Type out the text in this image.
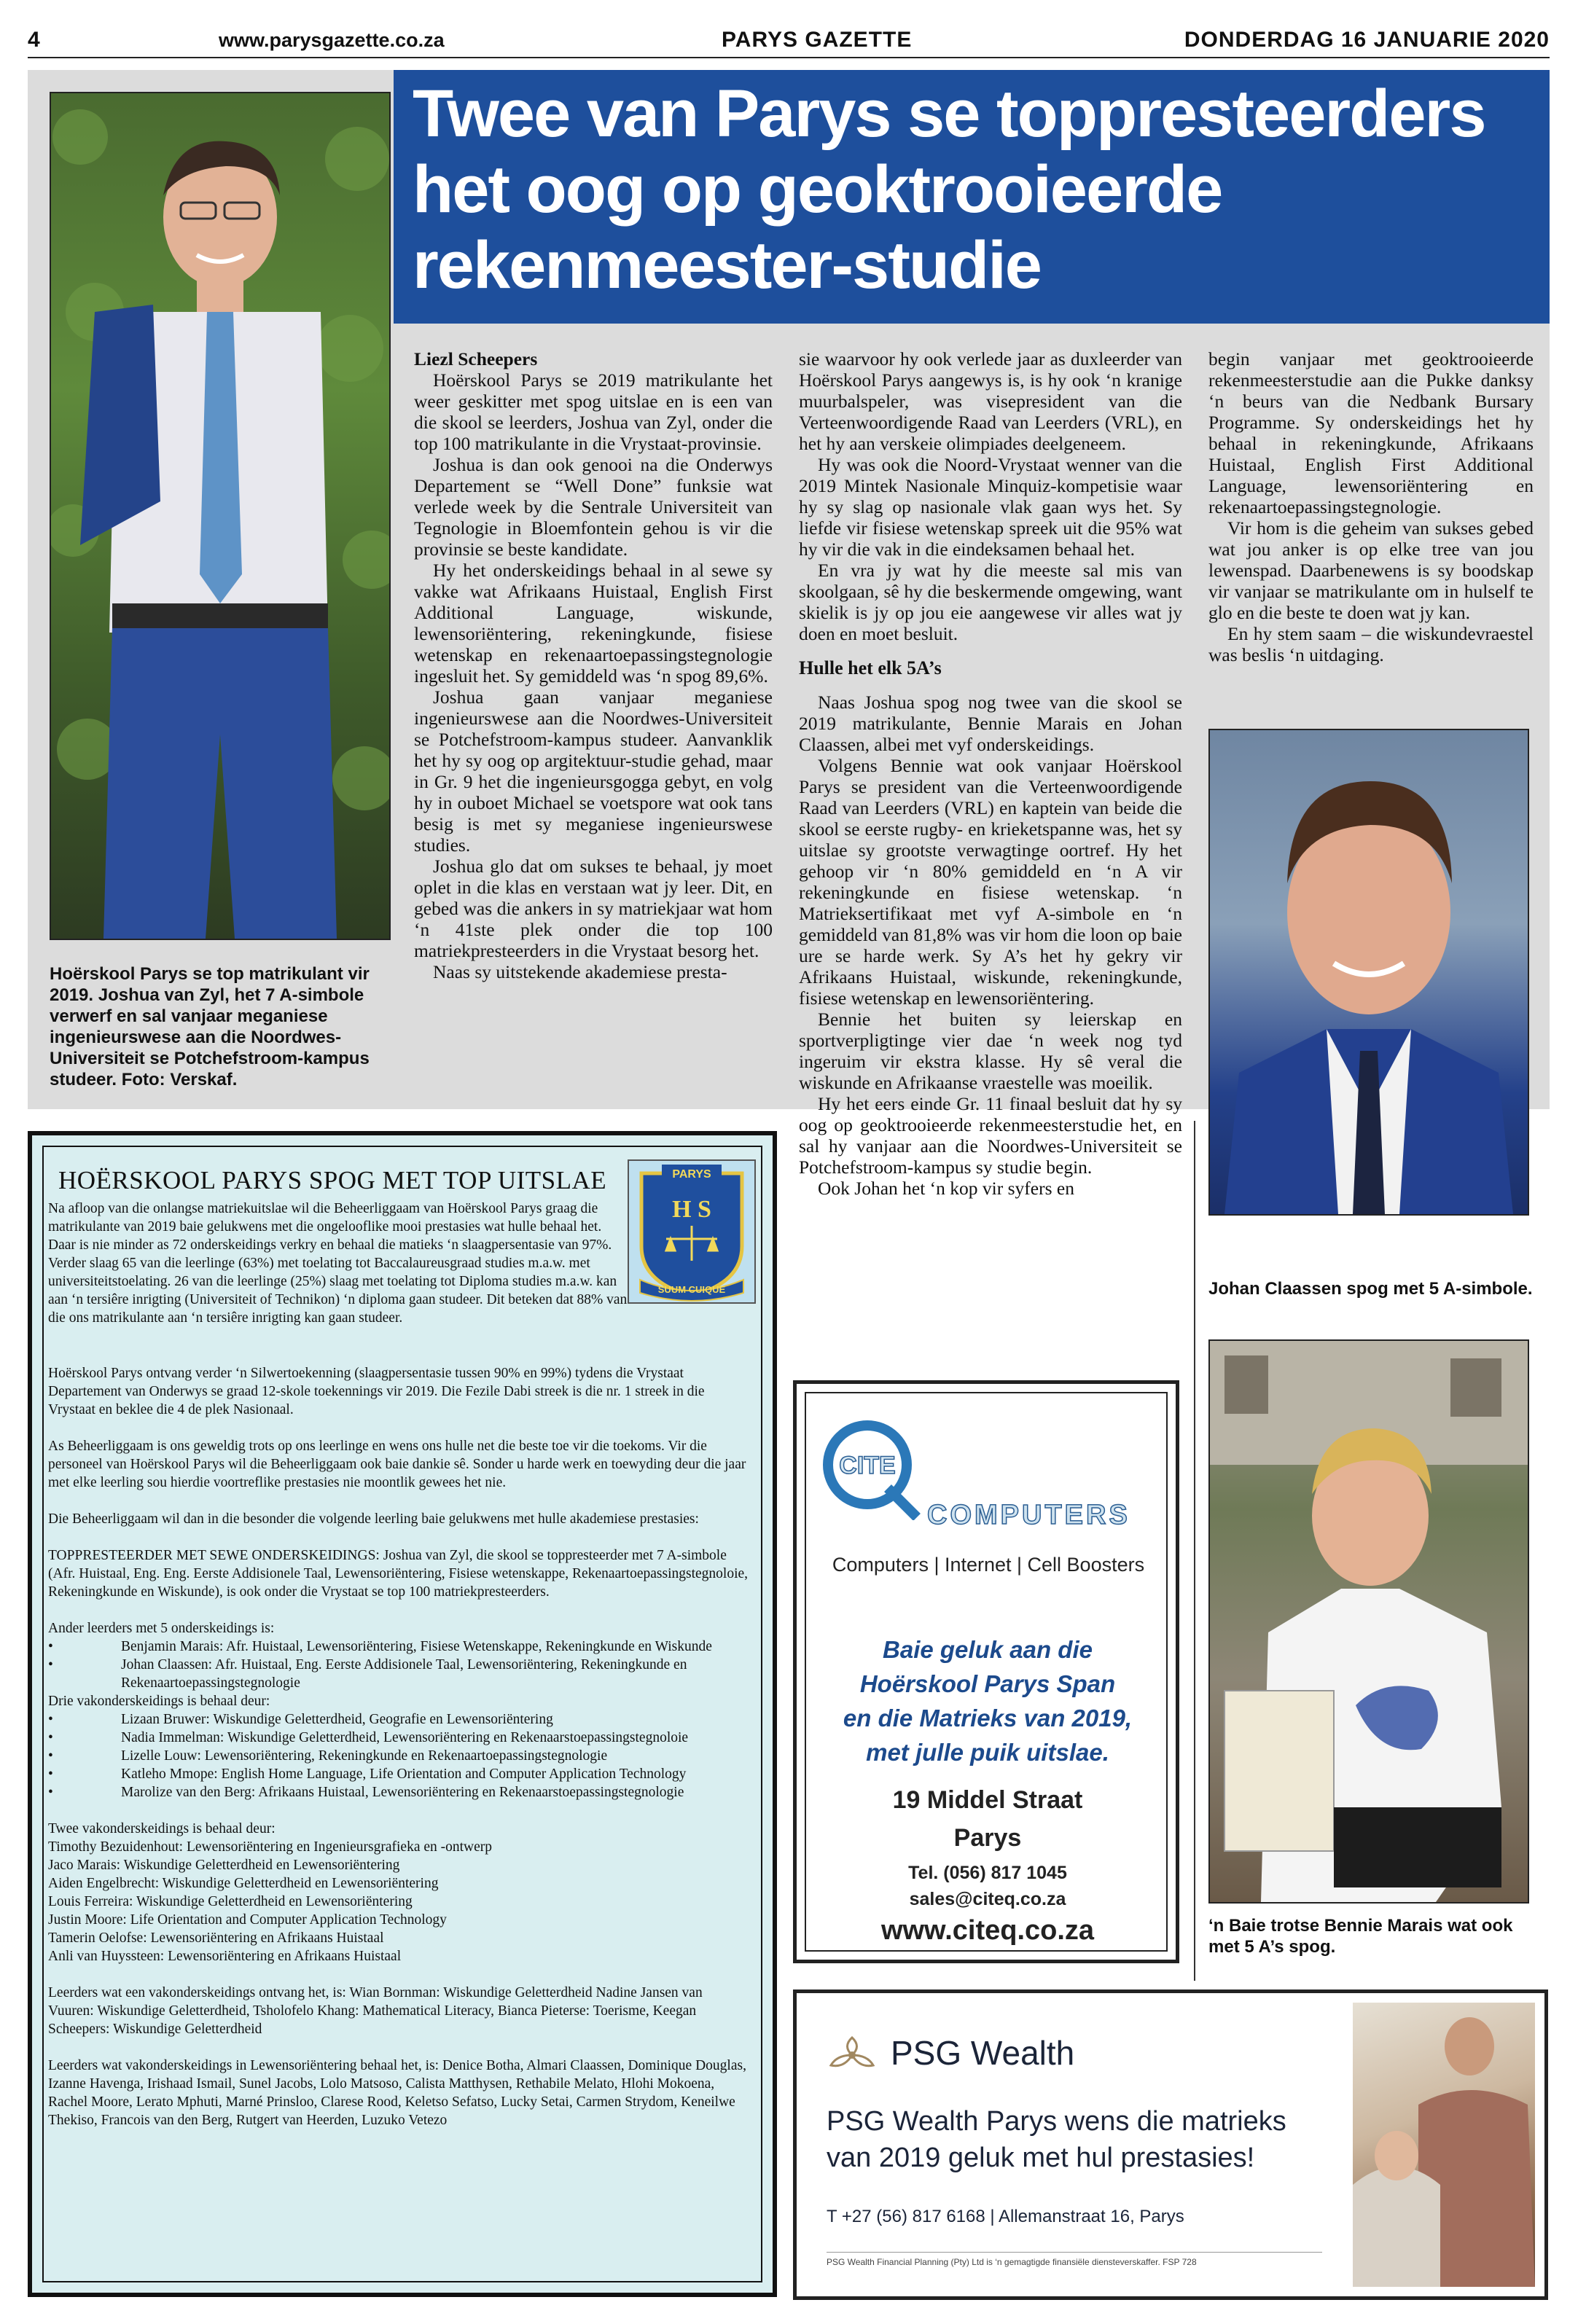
4	www.parysgazette.co.za	PARYS GAZETTE	DONDERDAG 16 JANUARIE 2020
Twee van Parys se toppresteerders
het oog op geoktrooieerde
rekenmeester-studie
Hoërskool Parys se top matrikulant vir 2019. Joshua van Zyl, het 7 A-simbole verwerf en sal vanjaar meganiese ingenieurswese aan die Noordwes-Universiteit se Potchefstroom-kampus studeer. Foto: Verskaf.

Liezl Scheepers

Hoërskool Parys se 2019 matrikulante het weer geskitter met spog uitslae en is een van die skool se leerders, Joshua van Zyl, onder die top 100 matrikulante in die Vrystaat-provinsie.

Joshua is dan ook genooi na die Onderwys Departement se “Well Done” funksie wat verlede week by die Sentrale Universiteit van Tegnologie in Bloemfontein gehou is vir die provinsie se beste kandidate.

Hy het onderskeidings behaal in al sewe sy vakke wat Afrikaans Huistaal, English First Additional Language, wiskunde, lewensoriëntering, rekeningkunde, fisiese wetenskap en rekenaartoepassingstegnologie ingesluit het. Sy gemiddeld was ‘n spog 89,6%.

Joshua gaan vanjaar meganiese ingenieurswese aan die Noordwes-Universiteit se Potchefstroom-kampus studeer. Aanvanklik het hy sy oog op argitektuur-studie gehad, maar in Gr. 9 het die ingenieursgogga gebyt, en volg hy in ouboet Michael se voetspore wat ook tans besig is met sy meganiese ingenieurswese studies.

Joshua glo dat om sukses te behaal, jy moet oplet in die klas en verstaan wat jy leer. Dit, en gebed was die ankers in sy matriekjaar wat hom ‘n 41ste plek onder die top 100 matriekpresteerders in die Vrystaat besorg het.

Naas sy uitstekende akademiese presta-

sie waarvoor hy ook verlede jaar as duxleerder van Hoërskool Parys aangewys is, is hy ook ‘n kranige muurbalspeler, was visepresident van die Verteenwoordigende Raad van Leerders (VRL), en het hy aan verskeie olimpiades deelgeneem.

Hy was ook die Noord-Vrystaat wenner van die 2019 Mintek Nasionale Minquiz-kompetisie waar hy sy slag op nasionale vlak gaan wys het. Sy liefde vir fisiese wetenskap spreek uit die 95% wat hy vir die vak in die eindeksamen behaal het.

En vra jy wat hy die meeste sal mis van skoolgaan, sê hy die beskermende omgewing, want skielik is jy op jou eie aangewese vir alles wat jy doen en moet besluit.

Hulle het elk 5A’s

Naas Joshua spog nog twee van die skool se 2019 matrikulante, Bennie Marais en Johan Claassen, albei met vyf onderskeidings.

Volgens Bennie wat ook vanjaar Hoërskool Parys se president van die Verteenwoordigende Raad van Leerders (VRL) en kaptein van beide die skool se eerste rugby- en krieketspanne was, het sy uitslae sy grootste verwagtinge oortref. Hy het gehoop vir ‘n 80% gemiddeld en ‘n A vir rekeningkunde en fisiese wetenskap. ‘n Matrieksertifikaat met vyf A-simbole en ‘n gemiddeld van 81,8% was vir hom die loon op baie ure se harde werk. Sy A’s het hy gekry vir Afrikaans Huistaal, wiskunde, rekeningkunde, fisiese wetenskap en lewensoriëntering.

Bennie het buiten sy leierskap en sportverpligtinge vier dae ‘n week nog tyd ingeruim vir ekstra klasse. Hy sê veral die wiskunde en Afrikaanse vraestelle was moeilik.

Hy het eers einde Gr. 11 finaal besluit dat hy sy oog op geoktrooieerde rekenmeesterstudie het, en sal hy vanjaar aan die Noordwes-Universiteit se Potchefstroom-kampus sy studie begin.

Ook Johan het ‘n kop vir syfers en

begin vanjaar met geoktrooieerde rekenmeesterstudie aan die Pukke danksy ‘n beurs van die Nedbank Bursary Programme. Sy onderskeidings het hy behaal in rekeningkunde, Afrikaans Huistaal, English First Additional Language, lewensoriëntering en rekenaartoepassingstegnologie.

Vir hom is die geheim van sukses gebed wat jou anker is op elke tree van jou lewenspad. Daarbenewens is sy boodskap vir vanjaar se matrikulante om in hulself te glo en die beste te doen wat jy kan.

En hy stem saam – die wiskundevraestel was beslis ‘n uitdaging.

Johan Claassen spog met 5 A-simbole.
‘n Baie trotse Bennie Marais wat ook met 5 A’s spog.
HOËRSKOOL PARYS SPOG MET TOP UITSLAE	PARYS
H S
SUUM CUIQUE

Na afloop van die onlangse matriekuitslae wil die Beheerliggaam van Hoërskool Parys graag die matrikulante van 2019 baie gelukwens met die ongelooflike mooi prestasies wat hulle behaal het. Daar is nie minder as 72 onderskeidings verkry en behaal die matieks ‘n slaagpersentasie van 97%. Verder slaag 65 van die leerlinge (63%) met toelating tot Baccalaureusgraad studies m.a.w. met universiteitstoelating. 26 van die leerlinge (25%) slaag met toelating tot Diploma studies m.a.w. kan aan ‘n tersiêre inrigting (Universiteit of Technikon) ‘n diploma gaan studeer. Dit beteken dat 88% van die ons matrikulante aan ‘n tersiêre inrigting kan gaan studeer.

Hoërskool Parys ontvang verder ‘n Silwertoekenning (slaagpersentasie tussen 90% en 99%) tydens die Vrystaat Departement van Onderwys se graad 12-skole toekennings vir 2019. Die Fezile Dabi streek is die nr. 1 streek in die Vrystaat en beklee die 4 de plek Nasionaal.

As Beheerliggaam is ons geweldig trots op ons leerlinge en wens ons hulle net die beste toe vir die toekoms. Vir die personeel van Hoërskool Parys wil die Beheerliggaam ook baie dankie sê. Sonder u harde werk en toewyding deur die jaar met elke leerling sou hierdie voortreflike prestasies nie moontlik gewees het nie.

Die Beheerliggaam wil dan in die besonder die volgende leerling baie gelukwens met hulle akademiese prestasies:

TOPPRESTEERDER MET SEWE ONDERSKEIDINGS: Joshua van Zyl, die skool se toppresteerder met 7 A-simbole (Afr. Huistaal, Eng. Eng. Eerste Addisionele Taal, Lewensoriëntering, Fisiese wetenskappe, Rekenaartoepassingstegnoloie, Rekeningkunde en Wiskunde), is ook onder die Vrystaat se top 100 matriekpresteerders.

Ander leerders met 5 onderskeidings is:

• Benjamin Marais: Afr. Huistaal, Lewensoriëntering, Fisiese Wetenskappe, Rekeningkunde en Wiskunde

• Johan Claassen: Afr. Huistaal, Eng. Eerste Addisionele Taal, Lewensoriëntering, Rekeningkunde en Rekenaartoepassingstegnologie

Drie vakonderskeidings is behaal deur:

• Lizaan Bruwer: Wiskundige Geletterdheid, Geografie en Lewensoriëntering

• Nadia Immelman: Wiskundige Geletterdheid, Lewensoriëntering en Rekenaarstoepassingstegnoloie

• Lizelle Louw: Lewensoriëntering, Rekeningkunde en Rekenaartoepassingstegnologie

• Katleho Mmope: English Home Language, Life Orientation and Computer Application Technology

• Marolize van den Berg: Afrikaans Huistaal, Lewensoriëntering en Rekenaarstoepassingstegnologie

Twee vakonderskeidings is behaal deur:

Timothy Bezuidenhout: Lewensoriëntering en Ingenieursgrafieka en -ontwerp

Jaco Marais: Wiskundige Geletterdheid en Lewensoriëntering

Aiden Engelbrecht: Wiskundige Geletterdheid en Lewensoriëntering

Louis Ferreira: Wiskundige Geletterdheid en Lewensoriëntering

Justin Moore: Life Orientation and Computer Application Technology

Tamerin Oelofse: Lewensoriëntering en Afrikaans Huistaal

Anli van Huyssteen: Lewensoriëntering en Afrikaans Huistaal

Leerders wat een vakonderskeidings ontvang het, is: Wian Bornman: Wiskundige Geletterdheid Nadine Jansen van Vuuren: Wiskundige Geletterdheid, Tsholofelo Khang: Mathematical Literacy, Bianca Pieterse: Toerisme, Keegan Scheepers: Wiskundige Geletterdheid

Leerders wat vakonderskeidings in Lewensoriëntering behaal het, is: Denice Botha, Almari Claassen, Dominique Douglas, Izanne Havenga, Irishaad Ismail, Sunel Jacobs, Lolo Matsoso, Calista Matthysen, Rethabile Melato, Hlohi Mokoena, Rachel Moore, Lerato Mphuti, Marné Prinsloo, Clarese Rood, Keletso Sefatso, Lucky Setai, Carmen Strydom, Keneilwe Thekiso, Francois van den Berg, Rutgert van Heerden, Luzuko Vetezo

CITE
COMPUTERS
Computers | Internet | Cell Boosters
Baie geluk aan die
Hoërskool Parys Span
en die Matrieks van 2019,
met julle puik uitslae.
19 Middel Straat
Parys
Tel. (056) 817 1045
sales@citeq.co.za
www.citeq.co.za
PSG Wealth
PSG Wealth Parys wens die matrieks
van 2019 geluk met hul prestasies!
T +27 (56) 817 6168 | Allemanstraat 16, Parys
PSG Wealth Financial Planning (Pty) Ltd is ‘n gemagtigde finansiële diensteverskaffer. FSP 728
